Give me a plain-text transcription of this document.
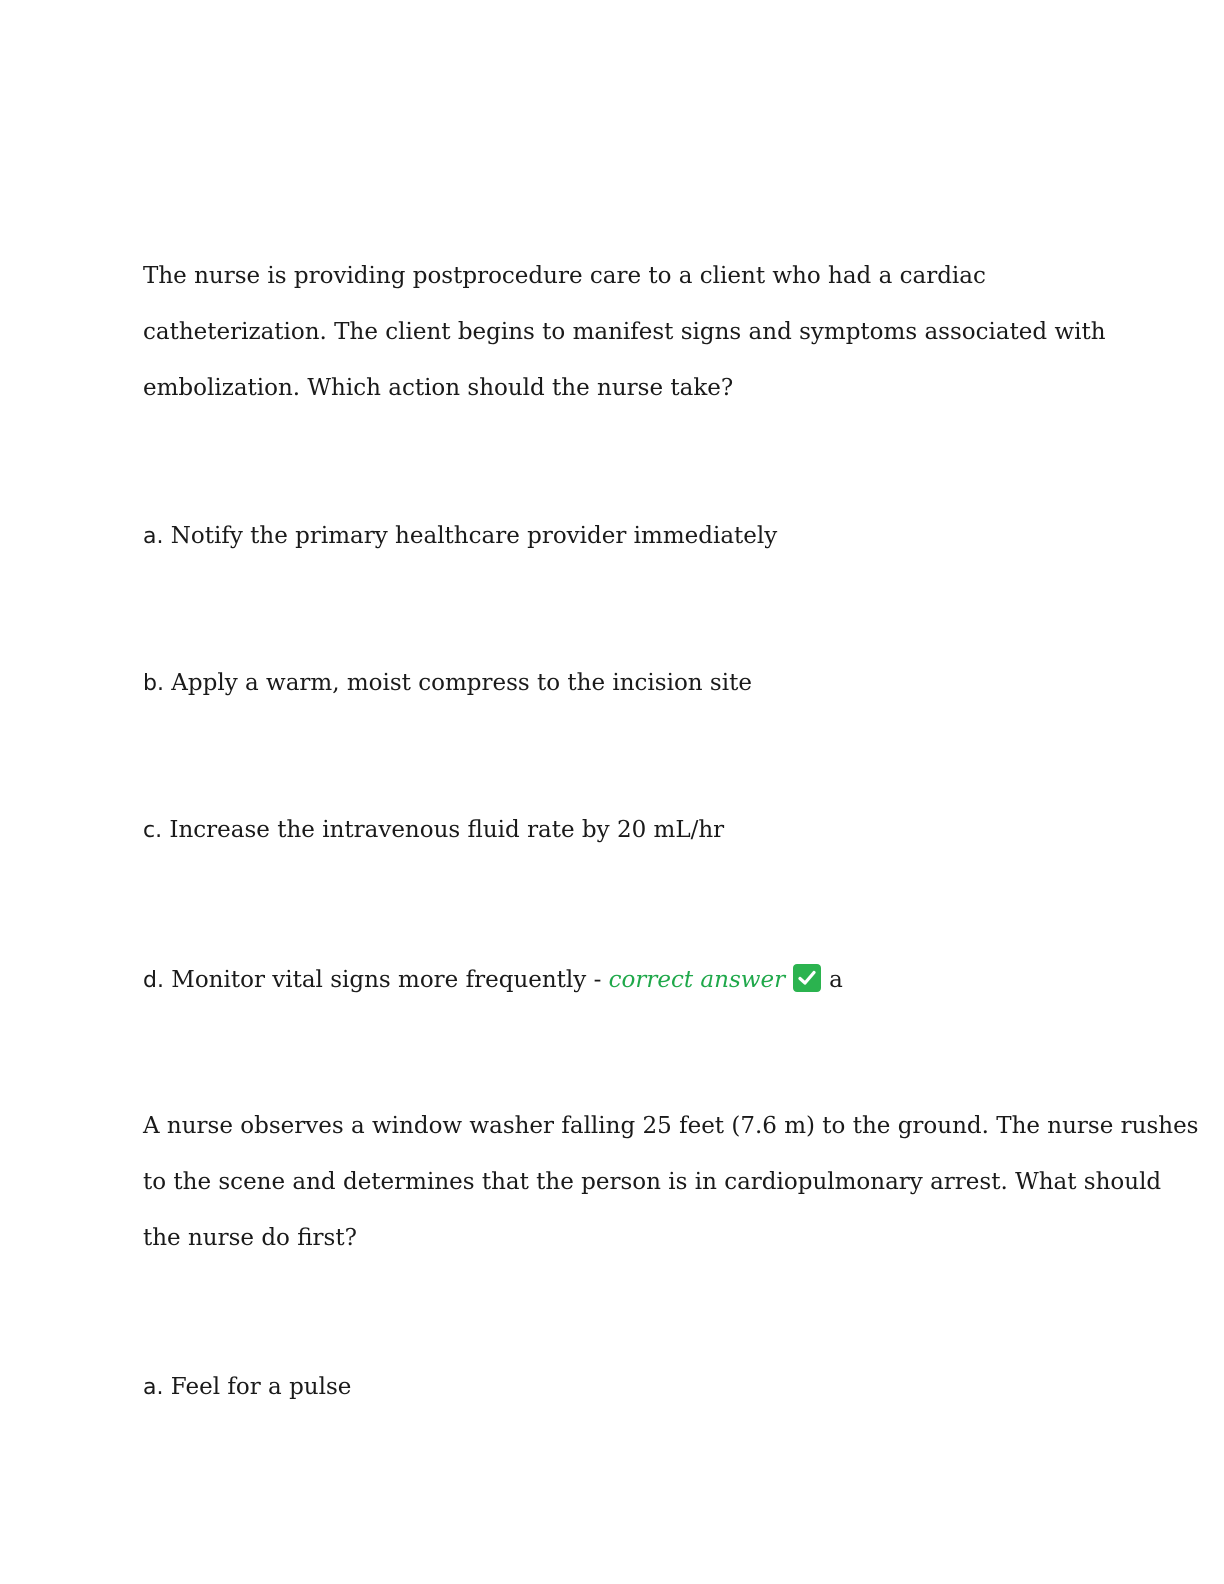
The nurse is providing postprocedure care to a client who had a cardiac
catheterization. The client begins to manifest signs and symptoms associated with
embolization. Which action should the nurse take?
a. Notify the primary healthcare provider immediately
b. Apply a warm, moist compress to the incision site
c. Increase the intravenous fluid rate by 20 mL/hr
d. Monitor vital signs more frequently - correct answer a
A nurse observes a window washer falling 25 feet (7.6 m) to the ground. The nurse rushes
to the scene and determines that the person is in cardiopulmonary arrest. What should
the nurse do first?
a. Feel for a pulse
